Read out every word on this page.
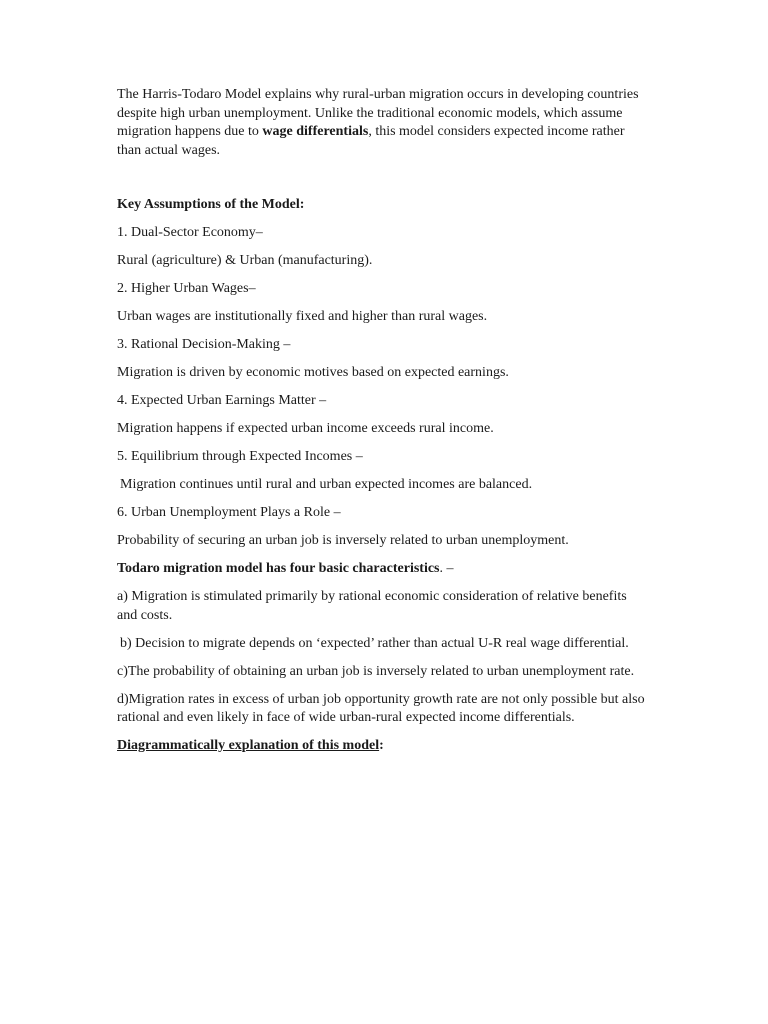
The Harris-Todaro Model explains why rural-urban migration occurs in developing countries despite high urban unemployment. Unlike the traditional economic models, which assume migration happens due to wage differentials, this model considers expected income rather than actual wages.

Key Assumptions of the Model:

1. Dual-Sector Economy–

Rural (agriculture) & Urban (manufacturing).

2. Higher Urban Wages–

Urban wages are institutionally fixed and higher than rural wages.

3. Rational Decision-Making –

Migration is driven by economic motives based on expected earnings.

4. Expected Urban Earnings Matter –

Migration happens if expected urban income exceeds rural income.

5. Equilibrium through Expected Incomes –

Migration continues until rural and urban expected incomes are balanced.

6. Urban Unemployment Plays a Role –

Probability of securing an urban job is inversely related to urban unemployment.

Todaro migration model has four basic characteristics. –

a) Migration is stimulated primarily by rational economic consideration of relative benefits and costs.

b) Decision to migrate depends on ‘expected’ rather than actual U-R real wage differential.

c)The probability of obtaining an urban job is inversely related to urban unemployment rate.

d)Migration rates in excess of urban job opportunity growth rate are not only possible but also rational and even likely in face of wide urban-rural expected income differentials.

Diagrammatically explanation of this model:
